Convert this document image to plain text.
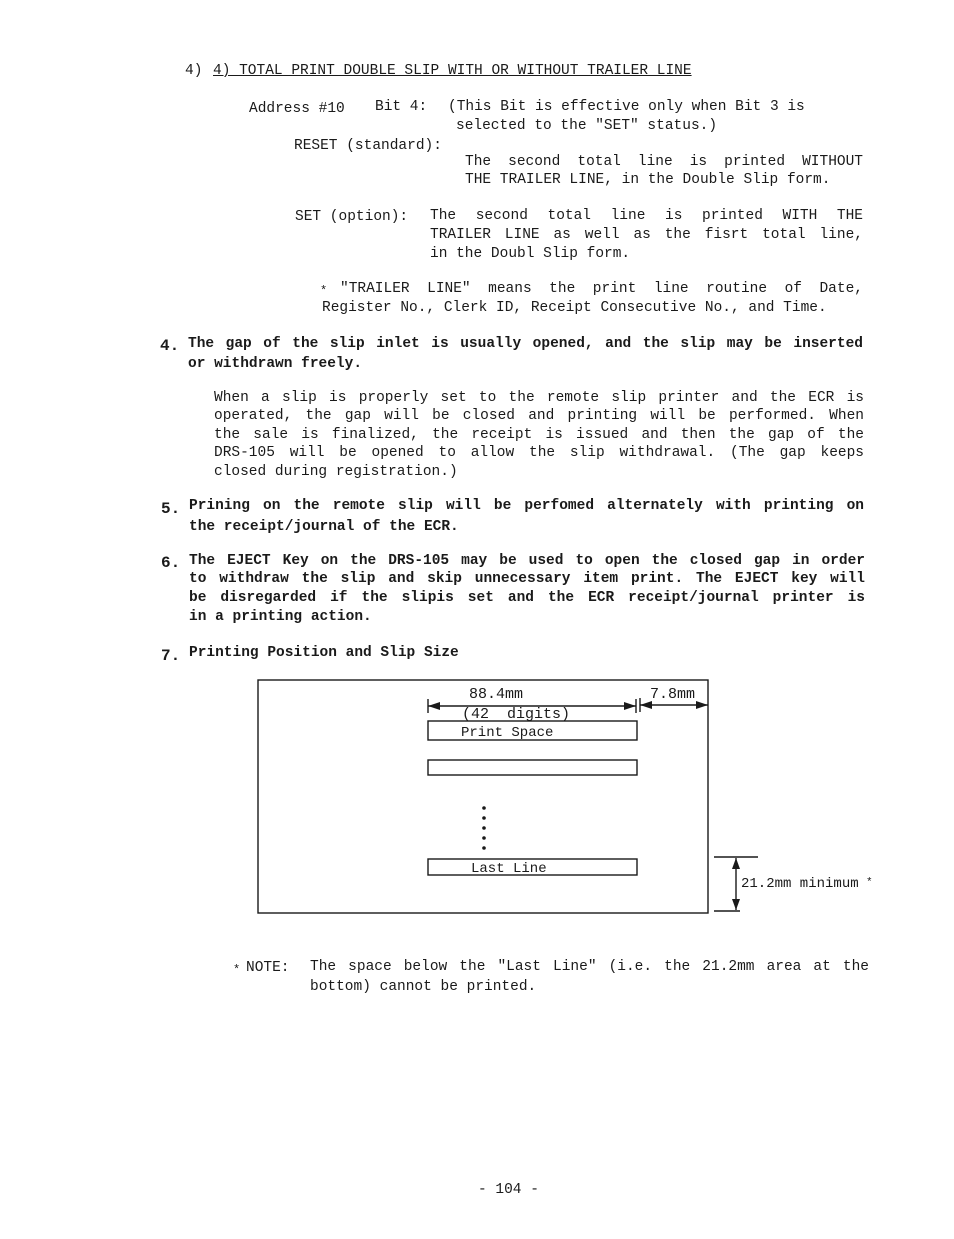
4) 4) TOTAL PRINT DOUBLE SLIP WITH OR WITHOUT TRAILER LINE
Address #10 Bit 4: (This Bit is effective only when Bit 3 is
selected to the "SET" status.)
RESET (standard):
The second total line is printed WITHOUT
THE TRAILER LINE, in the Double Slip form.
SET (option): The second total line is printed WITH THE
TRAILER LINE as well as the fisrt total line,
in the Doubl Slip form.
* "TRAILER LINE" means the print line routine of Date,
Register No., Clerk ID, Receipt Consecutive No., and Time.
4. The gap of the slip inlet is usually opened, and the slip may be inserted
or withdrawn freely.
When a slip is properly set to the remote slip printer and the ECR is
operated, the gap will be closed and printing will be performed. When
the sale is finalized, the receipt is issued and then the gap of the
DRS-105 will be opened to allow the slip withdrawal. (The gap keeps
closed during registration.)
5. Prining on the remote slip will be perfomed alternately with printing on
the receipt/journal of the ECR.
6. The EJECT Key on the DRS-105 may be used to open the closed gap in order
to withdraw the slip and skip unnecessary item print. The EJECT key will
be disregarded if the slipis set and the ECR receipt/journal printer is
in a printing action.
7. Printing Position and Slip Size
88.4mm
(42  digits)
7.8mm
Print Space
Last Line
21.2mm minimum *
* NOTE: The space below the "Last Line" (i.e. the 21.2mm area at the
bottom) cannot be printed.
- 104 -
